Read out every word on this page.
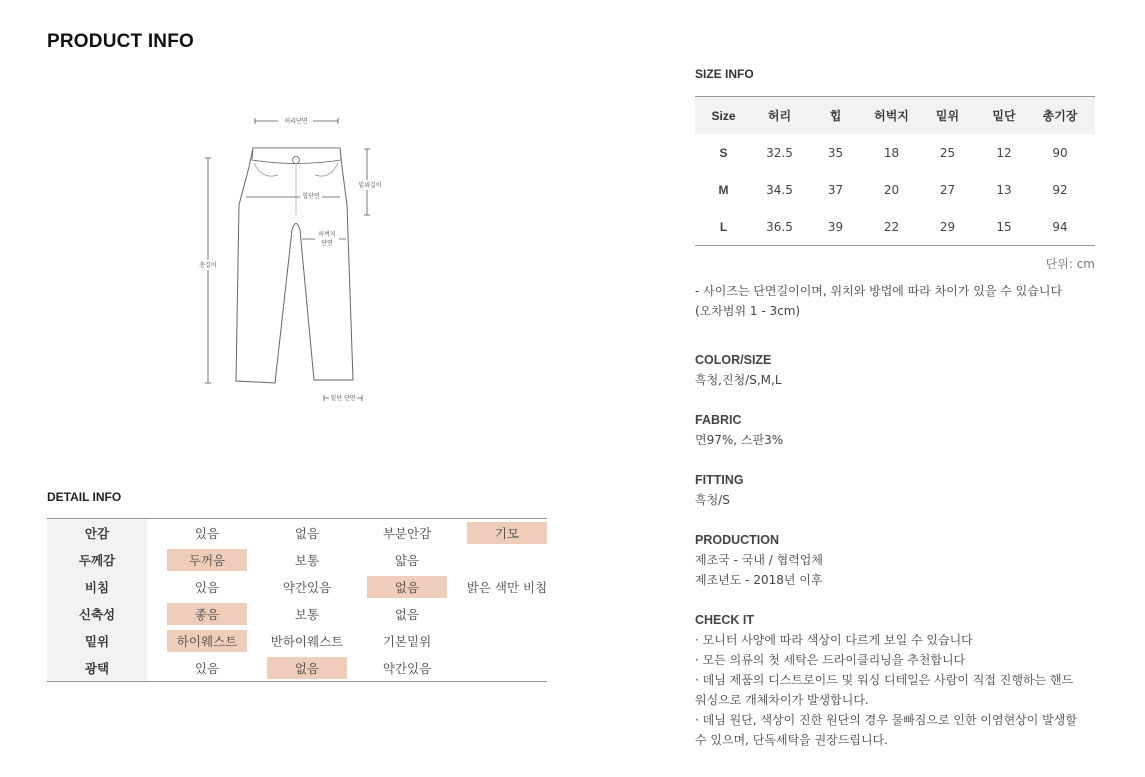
PRODUCT INFO
허리단면
밑위길이
힙단면
허벅지
단면
총길이
밑단 단면
DETAIL INFO
안감	있음	없음	부분안감	기모
두께감	두꺼움	보통	얇음
비침	있음	약간있음	없음	밝은 색만 비침
신축성	좋음	보통	없음
밑위	하이웨스트	반하이웨스트	기본밑위
광택	있음	없음	약간있음
SIZE INFO
Size	허리	힙	허벅지	밑위	밑단	총기장
S	32.5	35	18	25	12	90
M	34.5	37	20	27	13	92
L	36.5	39	22	29	15	94
단위: cm
- 사이즈는 단면길이이며, 위치와 방법에 따라 차이가 있을 수 있습니다
(오차범위 1 - 3cm)
COLOR/SIZE
흑청,진청/S,M,L
FABRIC
면97%, 스판3%
FITTING
흑청/S
PRODUCTION
제조국 - 국내 / 협력업체
제조년도 - 2018년 이후
CHECK IT
· 모니터 사양에 따라 색상이 다르게 보일 수 있습니다
· 모든 의류의 첫 세탁은 드라이클리닝을 추천합니다
· 데님 제품의 디스트로이드 및 워싱 디테일은 사람이 직접 진행하는 핸드
워싱으로 개체차이가 발생합니다.
· 데님 원단, 색상이 진한 원단의 경우 물빠짐으로 인한 이염현상이 발생할
수 있으며, 단독세탁을 권장드립니다.
